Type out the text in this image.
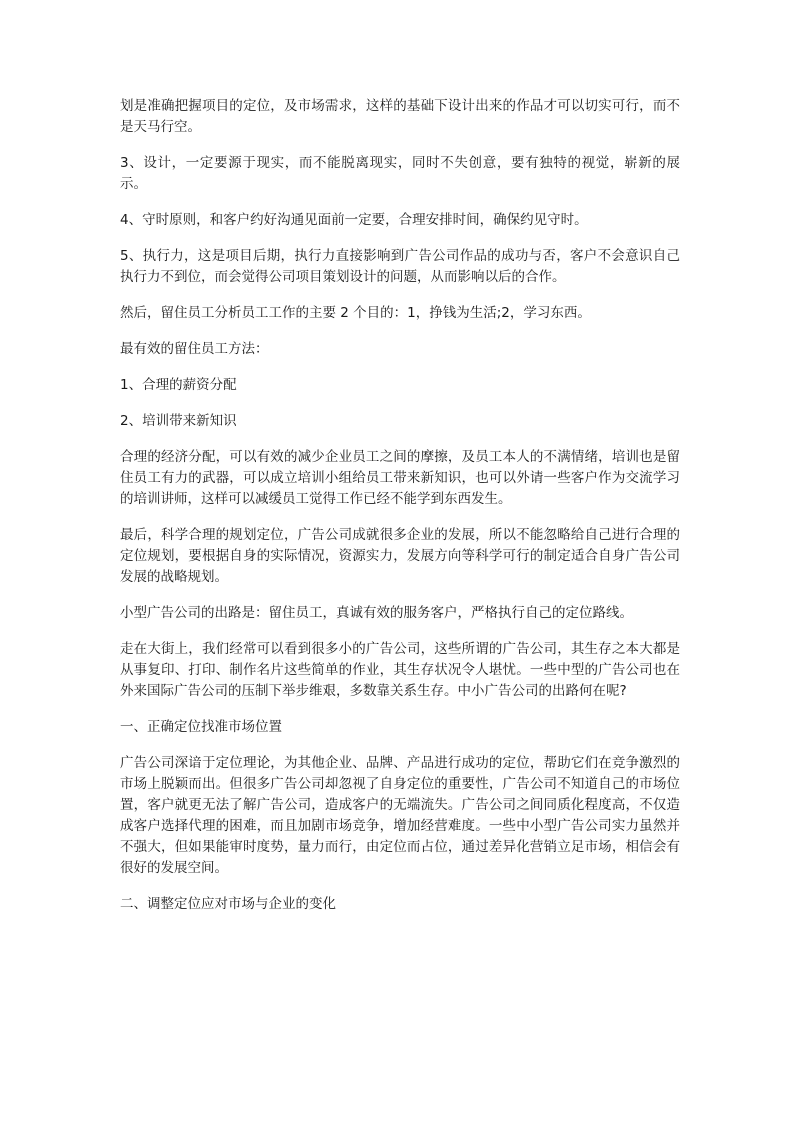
划是准确把握项目的定位，及市场需求，这样的基础下设计出来的作品才可以切实可行，而不是天马行空。

3、设计，一定要源于现实，而不能脱离现实，同时不失创意，要有独特的视觉，崭新的展示。

4、守时原则，和客户约好沟通见面前一定要，合理安排时间，确保约见守时。

5、执行力，这是项目后期，执行力直接影响到广告公司作品的成功与否，客户不会意识自己执行力不到位，而会觉得公司项目策划设计的问题，从而影响以后的合作。

然后，留住员工分析员工工作的主要 2 个目的：1，挣钱为生活;2，学习东西。

最有效的留住员工方法：

1、合理的薪资分配

2、培训带来新知识

合理的经济分配，可以有效的减少企业员工之间的摩擦，及员工本人的不满情绪，培训也是留住员工有力的武器，可以成立培训小组给员工带来新知识，也可以外请一些客户作为交流学习的培训讲师，这样可以减缓员工觉得工作已经不能学到东西发生。

最后，科学合理的规划定位，广告公司成就很多企业的发展，所以不能忽略给自己进行合理的定位规划，要根据自身的实际情况，资源实力，发展方向等科学可行的制定适合自身广告公司发展的战略规划。

小型广告公司的出路是：留住员工，真诚有效的服务客户，严格执行自己的定位路线。

走在大街上，我们经常可以看到很多小的广告公司，这些所谓的广告公司，其生存之本大都是从事复印、打印、制作名片这些简单的作业，其生存状况令人堪忧。一些中型的广告公司也在外来国际广告公司的压制下举步维艰，多数靠关系生存。中小广告公司的出路何在呢?

一、正确定位找准市场位置

广告公司深谙于定位理论，为其他企业、品牌、产品进行成功的定位，帮助它们在竞争激烈的市场上脱颖而出。但很多广告公司却忽视了自身定位的重要性，广告公司不知道自己的市场位置，客户就更无法了解广告公司，造成客户的无端流失。广告公司之间同质化程度高，不仅造成客户选择代理的困难，而且加剧市场竞争，增加经营难度。一些中小型广告公司实力虽然并不强大，但如果能审时度势，量力而行，由定位而占位，通过差异化营销立足市场，相信会有很好的发展空间。

二、调整定位应对市场与企业的变化
